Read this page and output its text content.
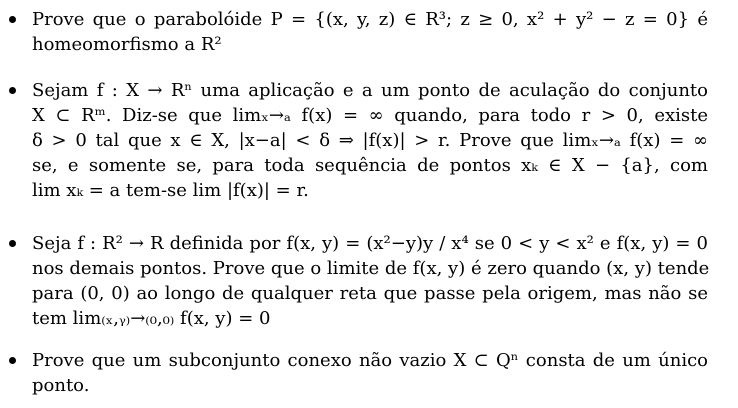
Prove que o parabolóide P = {(x, y, z) ∈ R³; z ≥ 0, x² + y² − z = 0} é
homeomorfismo a R²
Sejam f : X → Rⁿ uma aplicação e a um ponto de aculação do conjunto
X ⊂ Rᵐ. Diz-se que limₓ→ₐ f(x) = ∞ quando, para todo r > 0, existe
δ > 0 tal que x ∈ X, |x−a| < δ ⇒ |f(x)| > r. Prove que limₓ→ₐ f(x) = ∞
se, e somente se, para toda sequência de pontos xₖ ∈ X − {a}, com
lim xₖ = a tem-se lim |f(x)| = r.
Seja f : R² → R definida por f(x, y) = (x²−y)y / x⁴ se 0 < y < x² e f(x, y) = 0
nos demais pontos. Prove que o limite de f(x, y) é zero quando (x, y) tende
para (0, 0) ao longo de qualquer reta que passe pela origem, mas não se
tem lim₍ₓ,ᵧ₎→₍₀,₀₎ f(x, y) = 0
Prove que um subconjunto conexo não vazio X ⊂ Qⁿ consta de um único
ponto.
